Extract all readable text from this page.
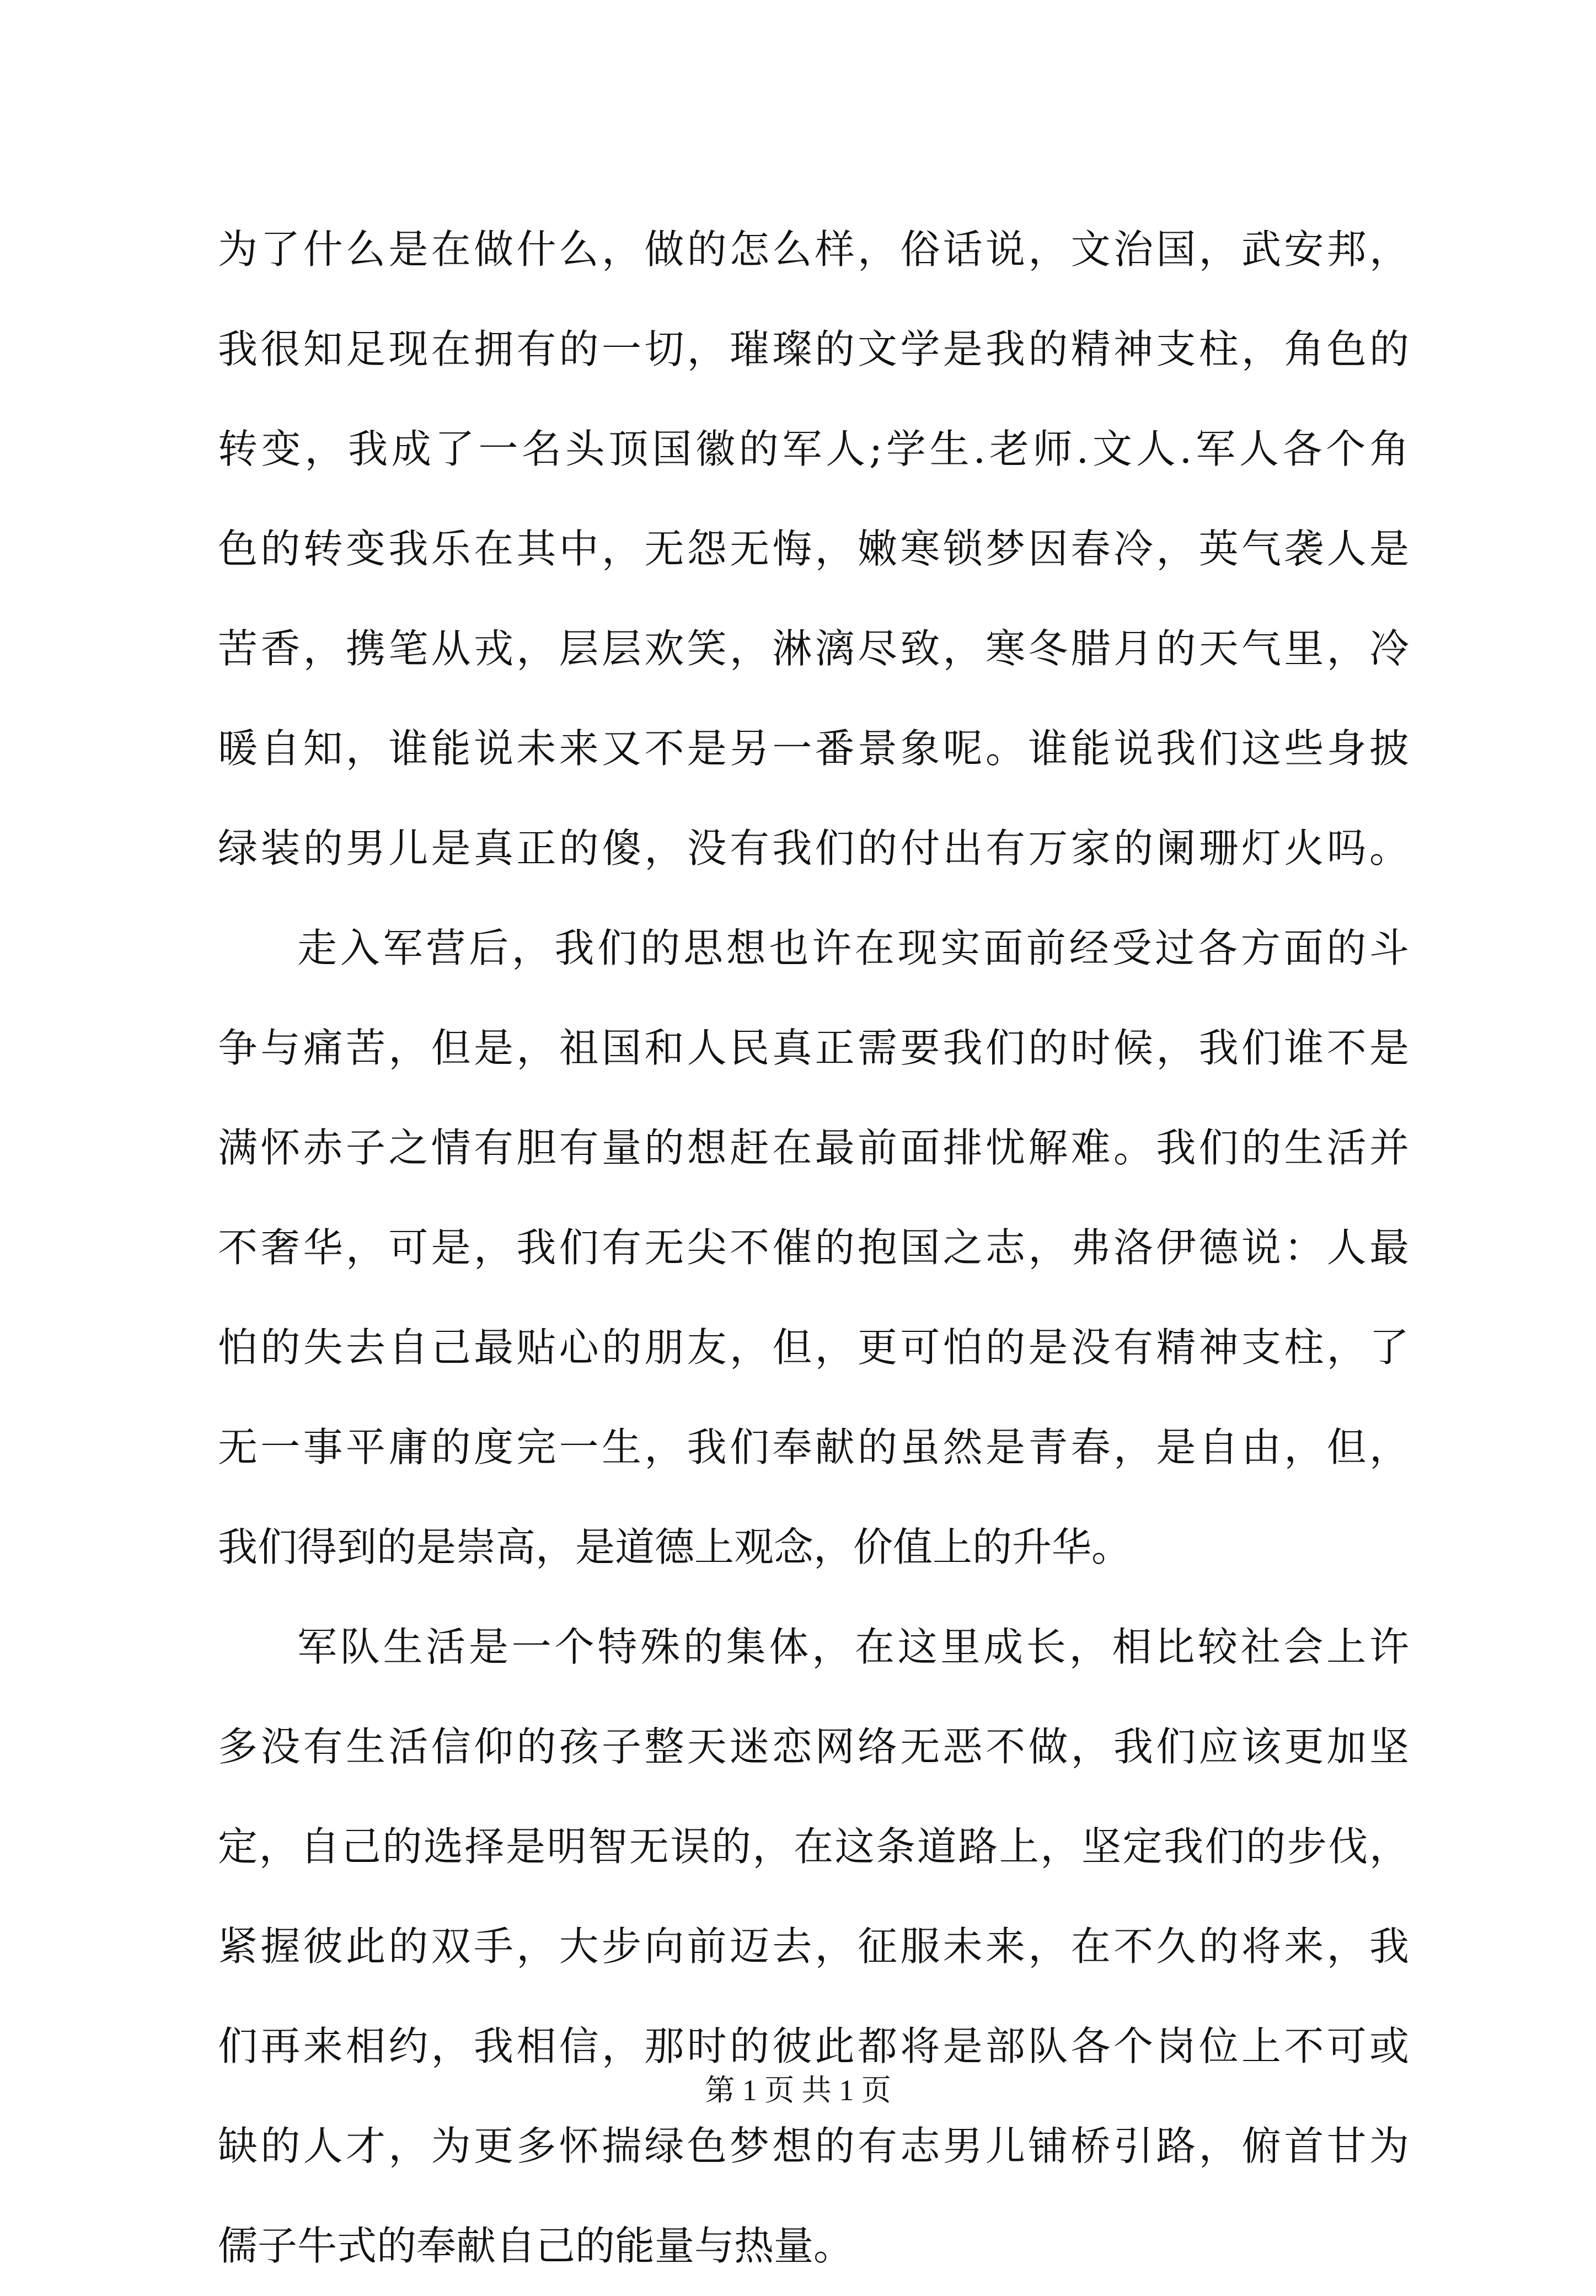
为了什么是在做什么，做的怎么样，俗话说，文治国，武安邦，
我很知足现在拥有的一切，璀璨的文学是我的精神支柱，角色的
转变，我成了一名头顶国徽的军人;学生.老师.文人.军人各个角
色的转变我乐在其中，无怨无悔，嫩寒锁梦因春冷，英气袭人是
苦香，携笔从戎，层层欢笑，淋漓尽致，寒冬腊月的天气里，冷
暖自知，谁能说未来又不是另一番景象呢。谁能说我们这些身披
绿装的男儿是真正的傻，没有我们的付出有万家的阑珊灯火吗。
走入军营后，我们的思想也许在现实面前经受过各方面的斗
争与痛苦，但是，祖国和人民真正需要我们的时候，我们谁不是
满怀赤子之情有胆有量的想赶在最前面排忧解难。我们的生活并
不奢华，可是，我们有无尖不催的抱国之志，弗洛伊德说：人最
怕的失去自己最贴心的朋友，但，更可怕的是没有精神支柱，了
无一事平庸的度完一生，我们奉献的虽然是青春，是自由，但，
我们得到的是崇高，是道德上观念，价值上的升华。
军队生活是一个特殊的集体，在这里成长，相比较社会上许
多没有生活信仰的孩子整天迷恋网络无恶不做，我们应该更加坚
定，自己的选择是明智无误的，在这条道路上，坚定我们的步伐，
紧握彼此的双手，大步向前迈去，征服未来，在不久的将来，我
们再来相约，我相信，那时的彼此都将是部队各个岗位上不可或
缺的人才，为更多怀揣绿色梦想的有志男儿铺桥引路，俯首甘为
儒子牛式的奉献自己的能量与热量。
第 1 页 共 1 页
